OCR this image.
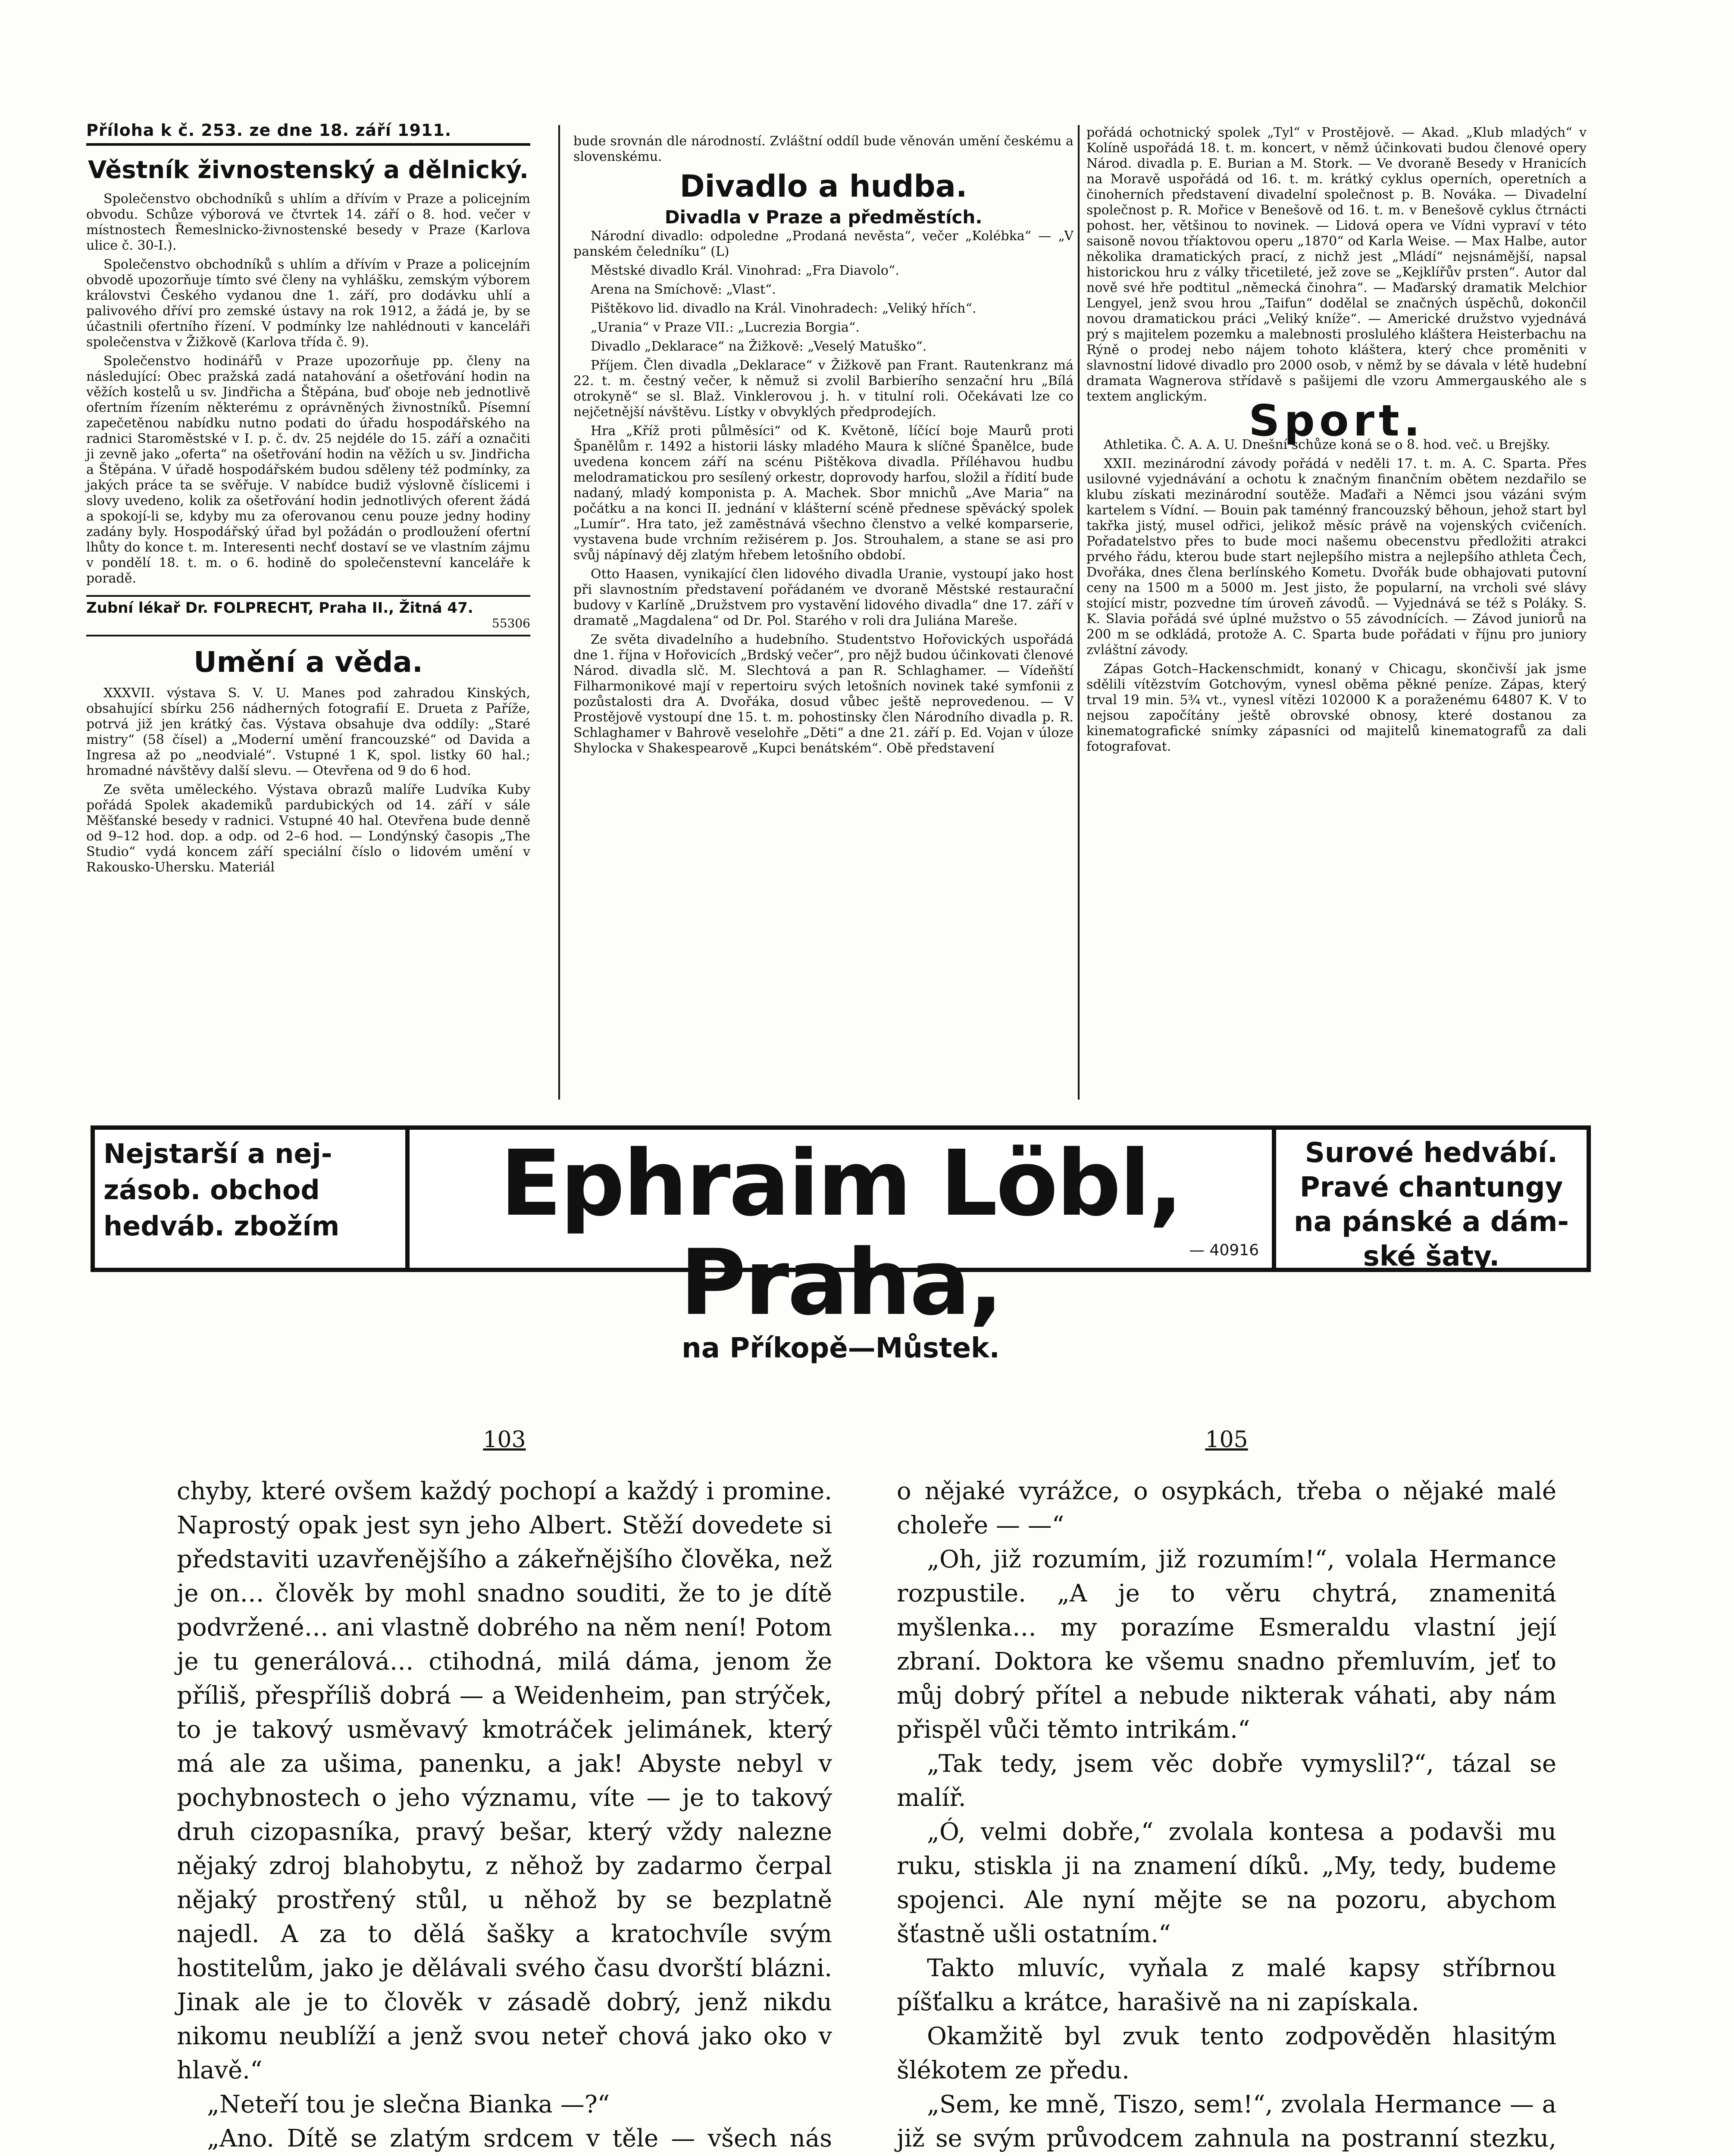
Příloha k č. 253. ze dne 18. září 1911.
Věstník živnostenský a dělnický.

Společenstvo obchodníků s uhlím a dřívím v Praze a policejním obvodu. Schůze výborová ve čtvrtek 14. září o 8. hod. večer v místnostech Řemeslnicko-živnostenské besedy v Praze (Karlova ulice č. 30-I.).

Společenstvo obchodníků s uhlím a dřívím v Praze a policejním obvodě upozorňuje tímto své členy na vyhlášku, zemským výborem královstvi Českého vydanou dne 1. září, pro dodávku uhlí a palivového dříví pro zemské ústavy na rok 1912, a žádá je, by se účastnili ofertního řízení. V podmínky lze nahlédnouti v kanceláři společenstva v Žižkově (Karlova třída č. 9).

Společenstvo hodinářů v Praze upozorňuje pp. členy na následující: Obec pražská zadá natahování a ošetřování hodin na věžích kostelů u sv. Jindřicha a Štěpána, buď oboje neb jednotlivě ofertním řízením některému z oprávněných živnostníků. Písemní zapečetěnou nabídku nutno podati do úřadu hospodářského na radnici Staroměstské v I. p. č. dv. 25 nejdéle do 15. září a označiti ji zevně jako „oferta“ na ošetřování hodin na věžích u sv. Jindřicha a Štěpána. V úřadě hospodářském budou sděleny též podmínky, za jakých práce ta se svěřuje. V nabídce budiž výslovně číslicemi i slovy uvedeno, kolik za ošetřování hodin jednotlivých oferent žádá a spokojí-li se, kdyby mu za oferovanou cenu pouze jedny hodiny zadány byly. Hospodářský úřad byl požádán o prodloužení ofertní lhůty do konce t. m. Interesenti nechť dostaví se ve vlastním zájmu v pondělí 18. t. m. o 6. hodině do společenstevní kanceláře k poradě.

Zubní lékař Dr. FOLPRECHT, Praha II., Žitná 47.
55306
Umění a věda.

XXXVII. výstava S. V. U. Manes pod zahradou Kinských, obsahující sbírku 256 nádherných fotografií E. Drueta z Paříže, potrvá již jen krátký čas. Výstava obsahuje dva oddíly: „Staré mistry“ (58 čísel) a „Moderní umění francouzské“ od Davida a Ingresa až po „neodvialé“. Vstupné 1 K, spol. listky 60 hal.; hromadné návštěvy další slevu. — Otevřena od 9 do 6 hod.

Ze světa uměleckého. Výstava obrazů malíře Ludvíka Kuby pořádá Spolek akademiků pardubických od 14. září v sále Měšťanské besedy v radnici. Vstupné 40 hal. Otevřena bude denně od 9–12 hod. dop. a odp. od 2–6 hod. — Londýnský časopis „The Studio“ vydá koncem září speciální číslo o lidovém umění v Rakousko-Uhersku. Materiál

bude srovnán dle národností. Zvláštní oddíl bude věnován umění českému a slovenskému.

Divadlo a hudba.
Divadla v Praze a předměstích.

Národní divadlo: odpoledne „Prodaná nevěsta“, večer „Kolébka“ — „V panském čeledníku“ (L)

Městské divadlo Král. Vinohrad: „Fra Diavolo“.

Arena na Smíchově: „Vlast“.

Pištěkovo lid. divadlo na Král. Vinohradech: „Veliký hřích“.

„Urania“ v Praze VII.: „Lucrezia Borgia“.

Divadlo „Deklarace“ na Žižkově: „Veselý Matuško“.

Příjem. Člen divadla „Deklarace“ v Žižkově pan Frant. Rautenkranz má 22. t. m. čestný večer, k němuž si zvolil Barbierího senzační hru „Bílá otrokyně“ se sl. Blaž. Vinklerovou j. h. v titulní roli. Očekávati lze co nejčetnější návštěvu. Lístky v obvyklých předprodejích.

Hra „Kříž proti půlměsíci“ od K. Květoně, líčící boje Maurů proti Španělům r. 1492 a historii lásky mladého Maura k slíčné Španělce, bude uvedena koncem září na scénu Pištěkova divadla. Příléhavou hudbu melodramatickou pro sesílený orkestr, doprovody harfou, složil a řídití bude nadaný, mladý komponista p. A. Machek. Sbor mnichů „Ave Maria“ na počátku a na konci II. jednání v klášterní scéně přednese spěvácký spolek „Lumír“. Hra tato, jež zaměstnává všechno členstvo a velké komparserie, vystavena bude vrchním režisérem p. Jos. Strouhalem, a stane se asi pro svůj nápínavý děj zlatým hřebem letošního období.

Otto Haasen, vynikající člen lidového divadla Uranie, vystoupí jako host při slavnostním představení pořádaném ve dvoraně Městské restaurační budovy v Karlíně „Družstvem pro vystavění lidového divadla“ dne 17. září v dramatě „Magdalena“ od Dr. Pol. Starého v roli dra Juliána Mareše.

Ze světa divadelního a hudebního. Studentstvo Hořovických uspořádá dne 1. října v Hořovicích „Brdský večer“, pro nějž budou účinkovati členové Národ. divadla slč. M. Slechtová a pan R. Schlaghamer. — Vídeňští Filharmonikové mají v repertoiru svých letošních novinek také symfonii z pozůstalosti dra A. Dvořáka, dosud vůbec ještě neprovedenou. — V Prostějově vystoupí dne 15. t. m. pohostinsky člen Národního divadla p. R. Schlaghamer v Bahrově veselohře „Děti“ a dne 21. září p. Ed. Vojan v úloze Shylocka v Shakespearově „Kupci benátském“. Obě představení

pořádá ochotnický spolek „Tyl“ v Prostějově. — Akad. „Klub mladých“ v Kolíně uspořádá 18. t. m. koncert, v němž účinkovati budou členové opery Národ. divadla p. E. Burian a M. Stork. — Ve dvoraně Besedy v Hranicích na Moravě uspořádá od 16. t. m. krátký cyklus operních, operetních a činoherních představení divadelní společnost p. B. Nováka. — Divadelní společnost p. R. Mořice v Benešově od 16. t. m. v Benešově cyklus čtrnácti pohost. her, většinou to novinek. — Lidová opera ve Vídni vypraví v této saisoně novou tříaktovou operu „1870“ od Karla Weise. — Max Halbe, autor několika dramatických prací, z nichž jest „Mládí“ nejsnámější, napsal historickou hru z války třicetileté, jež zove se „Kejklířův prsten“. Autor dal nově své hře podtitul „německá činohra“. — Maďarský dramatik Melchior Lengyel, jenž svou hrou „Taifun“ dodělal se značných úspěchů, dokončil novou dramatickou práci „Veliký kníže“. — Americké družstvo vyjednává prý s majitelem pozemku a malebnosti proslulého kláštera Heisterbachu na Rýně o prodej nebo nájem tohoto kláštera, který chce proměniti v slavnostní lidové divadlo pro 2000 osob, v němž by se dávala v létě hudební dramata Wagnerova střídavě s pašijemi dle vzoru Ammergauského ale s textem anglickým. Sport.

Athletika. Č. A. A. U. Dnešní schůze koná se o 8. hod. več. u Brejšky.

XXII. mezinárodní závody pořádá v neděli 17. t. m. A. C. Sparta. Přes usilovné vyjednávání a ochotu k značným finančním obětem nezdařilo se klubu získati mezinárodní soutěže. Maďaři a Němci jsou vázáni svým kartelem s Vídní. — Bouin pak taménný francouzský běhoun, jehož start byl takřka jistý, musel odřici, jelikož měsíc právě na vojenských cvičeních. Pořadatelstvo přes to bude moci našemu obecenstvu předložiti atrakci prvého řádu, kterou bude start nejlepšího mistra a nejlepšího athleta Čech, Dvořáka, dnes člena berlínského Kometu. Dvořák bude obhajovati putovní ceny na 1500 m a 5000 m. Jest jisto, že popularní, na vrcholi své slávy stojící mistr, pozvedne tím úroveň závodů. — Vyjednává se též s Poláky. S. K. Slavia pořádá své úplné mužstvo o 55 závodnících. — Závod juniorů na 200 m se odkládá, protože A. C. Sparta bude pořádati v říjnu pro juniory zvláštní závody.

Zápas Gotch–Hackenschmidt, konaný v Chicagu, skončivší jak jsme sdělili vítězstvím Gotchovým, vynesl oběma pěkné peníze. Zápas, který trval 19 min. 5¾ vt., vynesl vítězi 102000 K a poraženému 64807 K. V to nejsou započítány ještě obrovské obnosy, které dostanou za kinematografické snímky zápasníci od majitelů kinematografů za dali fotografovat.

Nejstarší a nej-
zásob. obchod
hedváb. zbožím	Ephraim Löbl, Praha,
na Příkopě—Můstek.
— 40916
Surové hedvábí.
Pravé chantungy
na pánské a dám-
ské šaty.
103

chyby, které ovšem každý pochopí a každý i promine. Naprostý opak jest syn jeho Albert. Stěží dovedete si představiti uzavřenějšího a zákeřnějšího člověka, než je on… člověk by mohl snadno souditi, že to je dítě podvržené… ani vlastně dobrého na něm není! Potom je tu generálová… ctihodná, milá dáma, jenom že příliš, přespříliš dobrá — a Weidenheim, pan strýček, to je takový usměvavý kmotráček jelimánek, který má ale za ušima, panenku, a jak! Abyste nebyl v pochybnostech o jeho významu, víte — je to takový druh cizopasníka, pravý bešar, který vždy nalezne nějaký zdroj blahobytu, z něhož by zadarmo čerpal nějaký prostřený stůl, u něhož by se bezplatně najedl. A za to dělá šašky a kratochvíle svým hostitelům, jako je dělávali svého času dvorští blázni. Jinak ale je to člověk v zásadě dobrý, jenž nikdu nikomu neublíží a jenž svou neteř chová jako oko v hlavě.“

„Neteří tou je slečna Bianka —?“

„Ano. Dítě se zlatým srdcem v těle — všech nás

105

o nějaké vyrážce, o osypkách, třeba o nějaké malé choleře — —“

„Oh, již rozumím, již rozumím!“, volala Hermance rozpustile. „A je to věru chytrá, znamenitá myšlenka… my porazíme Esmeraldu vlastní její zbraní. Doktora ke všemu snadno přemluvím, jeť to můj dobrý přítel a nebude nikterak váhati, aby nám přispěl vůči těmto intrikám.“

„Tak tedy, jsem věc dobře vymyslil?“, tázal se malíř.

„Ó, velmi dobře,“ zvolala kontesa a podavši mu ruku, stiskla ji na znamení díků. „My, tedy, budeme spojenci. Ale nyní mějte se na pozoru, abychom šťastně ušli ostatním.“

Takto mluvíc, vyňala z malé kapsy stříbrnou píšťalku a krátce, harašivě na ni zapískala.

Okamžitě byl zvuk tento zodpověděn hlasitým šlékotem ze předu.

„Sem, ke mně, Tiszo, sem!“, zvolala Hermance — a již se svým průvodcem zahnula na postranní stezku,
